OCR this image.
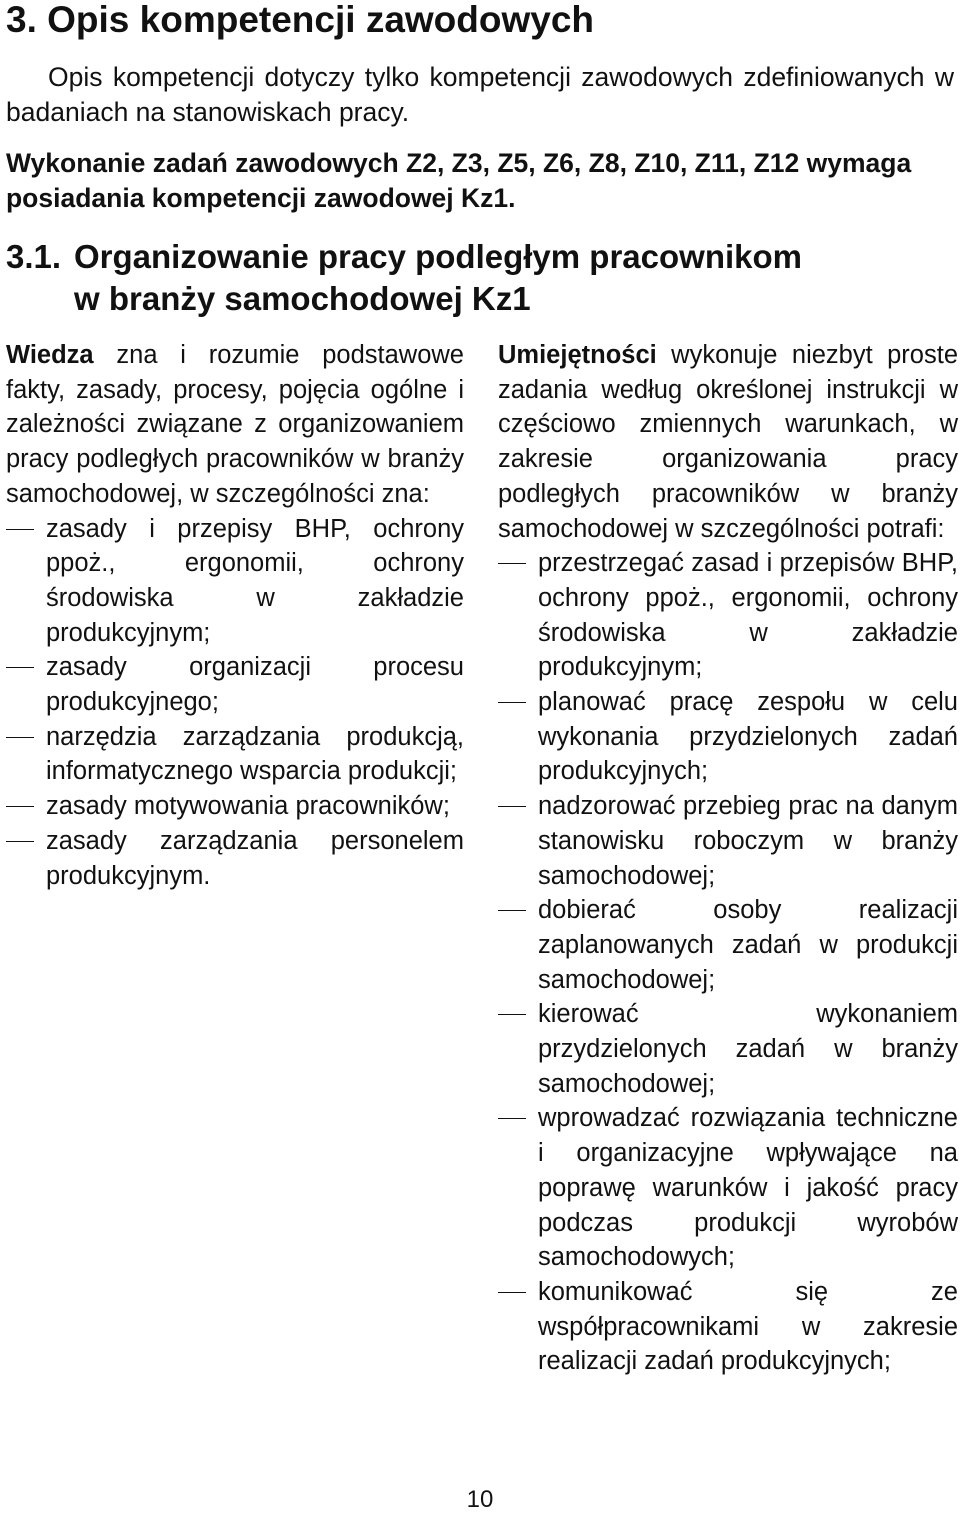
3. Opis kompetencji zawodowych

Opis kompetencji dotyczy tylko kompetencji zawodowych zdefiniowanych w badaniach na stanowiskach pracy.

Wykonanie zadań zawodowych Z2, Z3, Z5, Z6, Z8, Z10, Z11, Z12 wymaga posiadania kompetencji zawodowej Kz1.

3.1. Organizowanie pracy podległym pracownikom
w branży samochodowej Kz1

Wiedza zna i rozumie podstawowe fakty, zasady, procesy, pojęcia ogólne i zależności związane z organizowaniem pracy podległych pracowników w branży samochodowej, w szczególności zna:

zasady i przepisy BHP, ochrony ppoż., ergonomii, ochrony środowiska w zakładzie produkcyjnym;
zasady organizacji procesu produkcyjnego;
narzędzia zarządzania produkcją, informatycznego wsparcia produkcji;
zasady motywowania pracowników;
zasady zarządzania personelem produkcyjnym.

Umiejętności wykonuje niezbyt proste zadania według określonej instrukcji w częściowo zmiennych warunkach, w zakresie organizowania pracy podległych pracowników w branży samochodowej w szczególności potrafi:

przestrzegać zasad i przepisów BHP, ochrony ppoż., ergonomii, ochrony środowiska w zakładzie produkcyjnym;
planować pracę zespołu w celu wykonania przydzielonych zadań produkcyjnych;
nadzorować przebieg prac na danym stanowisku roboczym w branży samochodowej;
dobierać osoby realizacji zaplanowanych zadań w produkcji samochodowej;
kierować wykonaniem przydzielonych zadań w branży samochodowej;
wprowadzać rozwiązania techniczne i organizacyjne wpływające na poprawę warunków i jakość pracy podczas produkcji wyrobów samochodowych;
komunikować się ze współpracownikami w zakresie realizacji zadań produkcyjnych;
10
